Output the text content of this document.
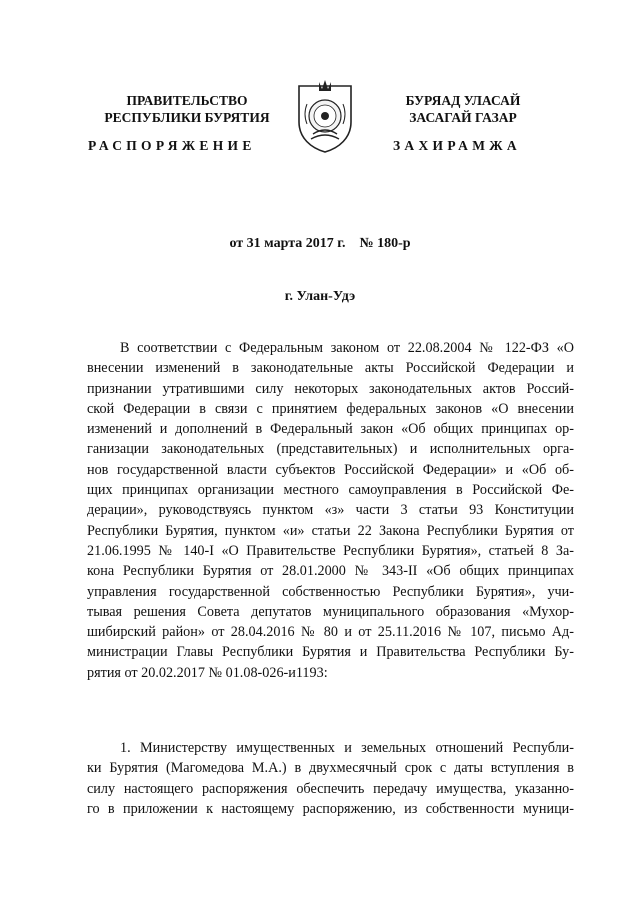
ПРАВИТЕЛЬСТВО
РЕСПУБЛИКИ БУРЯТИЯ
РАСПОРЯЖЕНИЕ
БУРЯАД УЛАСАЙ
ЗАСАГАЙ ГАЗАР
ЗАХИРАМЖА
от 31 марта 2017 г.    № 180-р
г. Улан-Удэ
В соответствии с Федеральным законом от 22.08.2004 № 122-ФЗ «О
внесении изменений в законодательные акты Российской Федерации и
признании утратившими силу некоторых законодательных актов Россий-
ской Федерации в связи с принятием федеральных законов «О внесении
изменений и дополнений в Федеральный закон «Об общих принципах ор-
ганизации законодательных (представительных) и исполнительных орга-
нов государственной власти субъектов Российской Федерации» и «Об об-
щих принципах организации местного самоуправления в Российской Фе-
дерации», руководствуясь пунктом «з» части 3 статьи 93 Конституции
Республики Бурятия, пунктом «и» статьи 22 Закона Республики Бурятия от
21.06.1995 № 140-I «О Правительстве Республики Бурятия», статьей 8 За-
кона Республики Бурятия от 28.01.2000 № 343-II «Об общих принципах
управления государственной собственностью Республики Бурятия», учи-
тывая решения Совета депутатов муниципального образования «Мухор-
шибирский район» от 28.04.2016 № 80 и от 25.11.2016 № 107, письмо Ад-
министрации Главы Республики Бурятия и Правительства Республики Бу-
рятия от 20.02.2017 № 01.08-026-и1193:
1. Министерству имущественных и земельных отношений Республи-
ки Бурятия (Магомедова М.А.) в двухмесячный срок с даты вступления в
силу настоящего распоряжения обеспечить передачу имущества, указанно-
го в приложении к настоящему распоряжению, из собственности муници-
